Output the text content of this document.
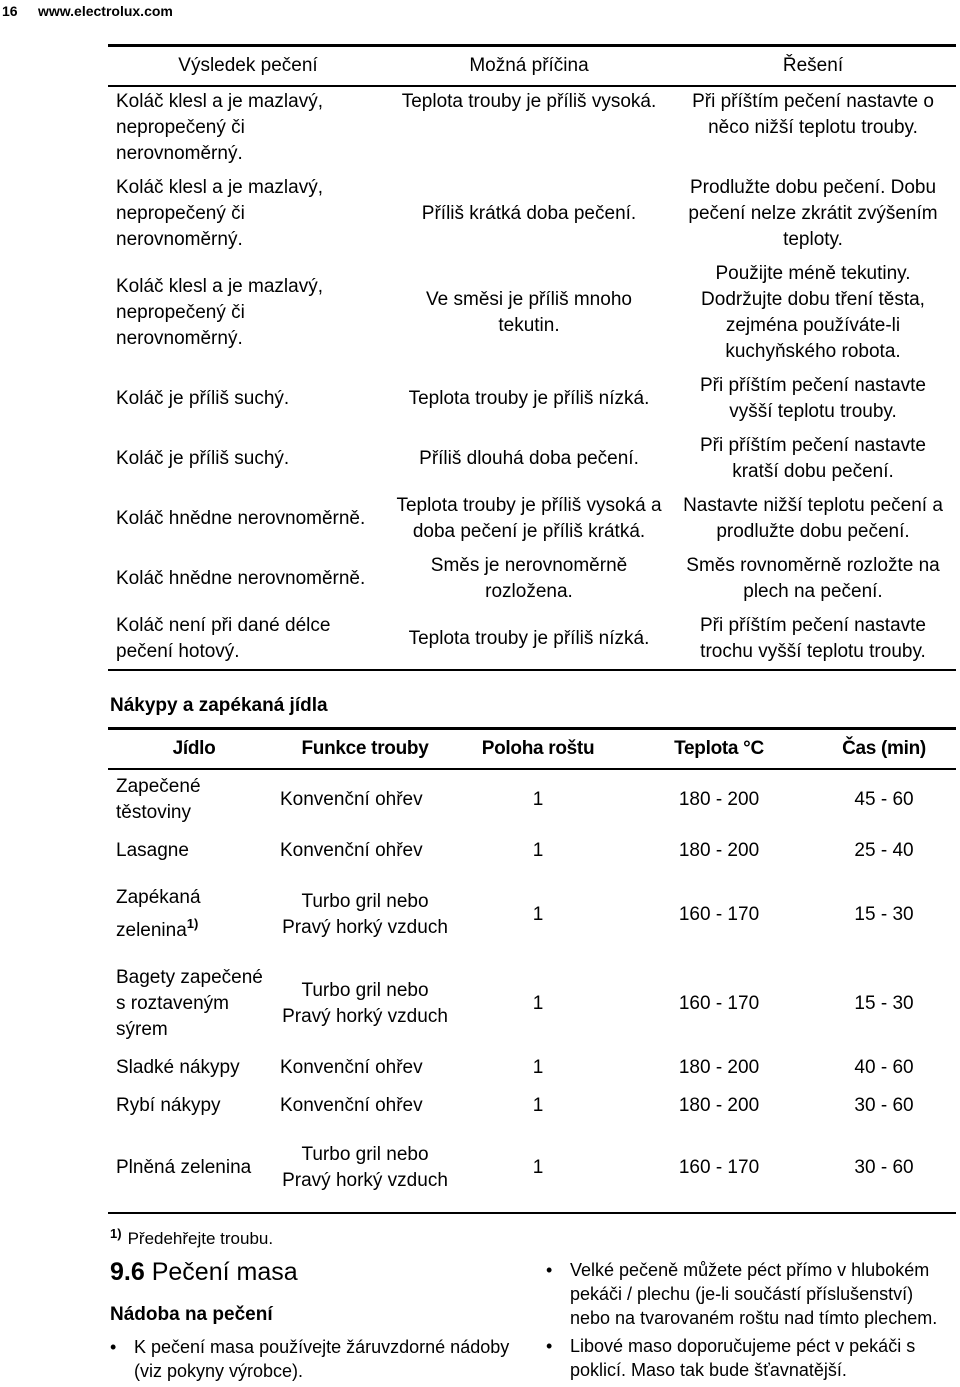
16	www.electrolux.com
Výsledek pečení	Možná příčina	Řešení
Koláč klesl a je mazlavý, nepropečený či nerovnoměrný.	Teplota trouby je příliš vysoká.	Při příštím pečení nastavte o něco nižší teplotu trouby.
Koláč klesl a je mazlavý, nepropečený či nerovnoměrný.	Příliš krátká doba pečení.	Prodlužte dobu pečení. Dobu pečení nelze zkrátit zvýšením teploty.
Koláč klesl a je mazlavý, nepropečený či nerovnoměrný.	Ve směsi je příliš mnoho tekutin.	Použijte méně tekutiny. Dodržujte dobu tření těsta, zejména používáte-li kuchyňského robota.
Koláč je příliš suchý.	Teplota trouby je příliš nízká.	Při příštím pečení nastavte vyšší teplotu trouby.
Koláč je příliš suchý.	Příliš dlouhá doba pečení.	Při příštím pečení nastavte kratší dobu pečení.
Koláč hnědne nerovnoměrně.	Teplota trouby je příliš vysoká a doba pečení je příliš krátká.	Nastavte nižší teplotu pečení a prodlužte dobu pečení.
Koláč hnědne nerovnoměrně.	Směs je nerovnoměrně rozložena.	Směs rovnoměrně rozložte na plech na pečení.
Koláč není při dané délce pečení hotový.	Teplota trouby je příliš nízká.	Při příštím pečení nastavte trochu vyšší teplotu trouby.
Nákypy a zapékaná jídla
Jídlo	Funkce trouby	Poloha roštu	Teplota °C	Čas (min)
Zapečené těstoviny	Konvenční ohřev	1	180 - 200	45 - 60
Lasagne	Konvenční ohřev	1	180 - 200	25 - 40
Zapékaná zelenina$^{1)}$	Turbo gril nebo Pravý horký vzduch	1	160 - 170	15 - 30
Bagety zapečené s roztaveným sýrem	Turbo gril nebo Pravý horký vzduch	1	160 - 170	15 - 30
Sladké nákypy	Konvenční ohřev	1	180 - 200	40 - 60
Rybí nákypy	Konvenční ohřev	1	180 - 200	30 - 60
Plněná zelenina	Turbo gril nebo Pravý horký vzduch	1	160 - 170	30 - 60
$^{1)}$ Předehřejte troubu.
9.6 Pečení masa
Nádoba na pečení
• K pečení masa používejte žáruvzdorné nádoby (viz pokyny výrobce).
• Velké pečeně můžete péct přímo v hlubokém pekáči / plechu (je-li součástí příslušenství) nebo na tvarovaném roštu nad tímto plechem.
• Libové maso doporučujeme péct v pekáči s poklicí. Maso tak bude šťavnatější.
